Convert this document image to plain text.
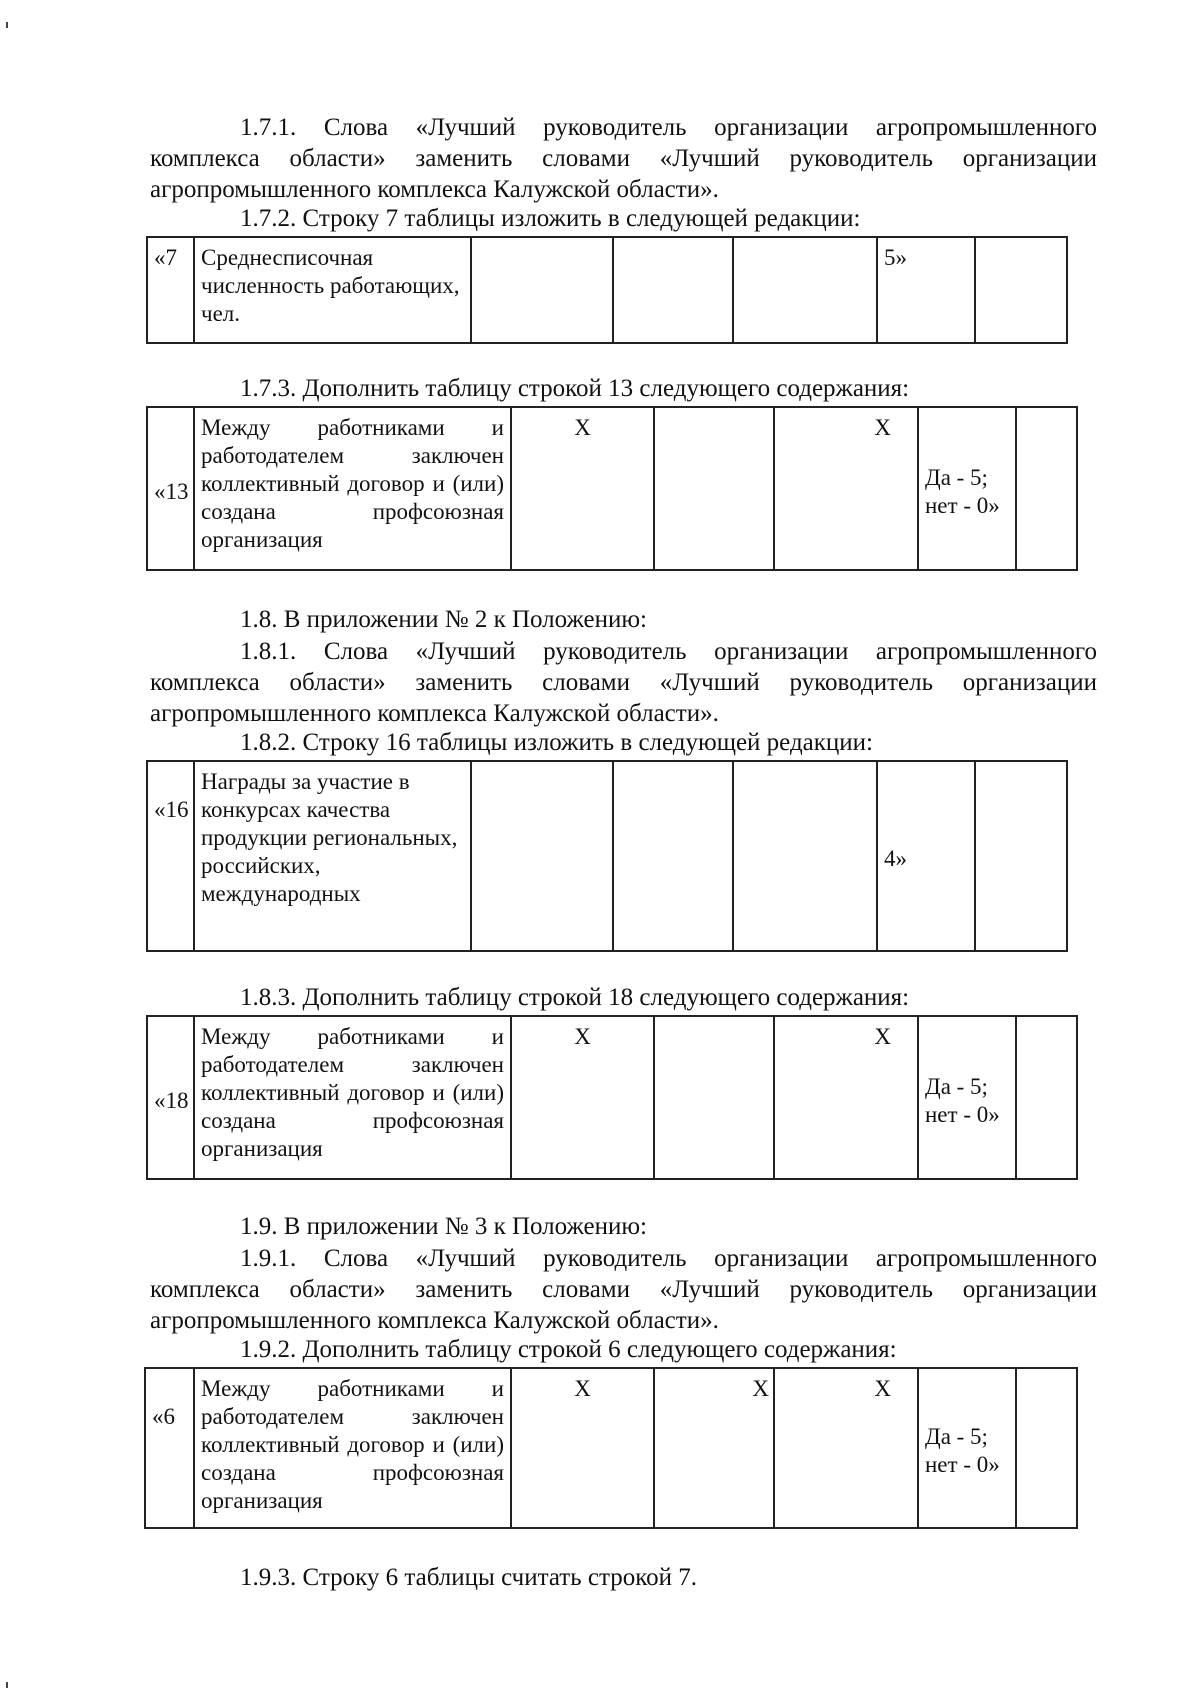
1.7.1. Слова «Лучший руководитель организации агропромышленного комплекса области» заменить словами «Лучший руководитель организации агропромышленного комплекса Калужской области».

1.7.2. Строку 7 таблицы изложить в следующей редакции:

«7	Среднесписочная численность работающих, чел.				5»	

1.7.3. Дополнить таблицу строкой 13 следующего содержания:

«13	Между работниками и работодателем заключен коллективный договор и (или) создана профсоюзная организация	X		X	Да - 5; нет - 0»	

1.8. В приложении № 2 к Положению:

1.8.1. Слова «Лучший руководитель организации агропромышленного комплекса области» заменить словами «Лучший руководитель организации агропромышленного комплекса Калужской области».

1.8.2. Строку 16 таблицы изложить в следующей редакции:

«16	Награды за участие в конкурсах качества продукции региональных, российских, международных				4»	

1.8.3. Дополнить таблицу строкой 18 следующего содержания:

«18	Между работниками и работодателем заключен коллективный договор и (или) создана профсоюзная организация	X		X	Да - 5; нет - 0»	

1.9. В приложении № 3 к Положению:

1.9.1. Слова «Лучший руководитель организации агропромышленного комплекса области» заменить словами «Лучший руководитель организации агропромышленного комплекса Калужской области».

1.9.2. Дополнить таблицу строкой 6 следующего содержания:

«6	Между работниками и работодателем заключен коллективный договор и (или) создана профсоюзная организация	X	X	X	Да - 5; нет - 0»	

1.9.3. Строку 6 таблицы считать строкой 7.
